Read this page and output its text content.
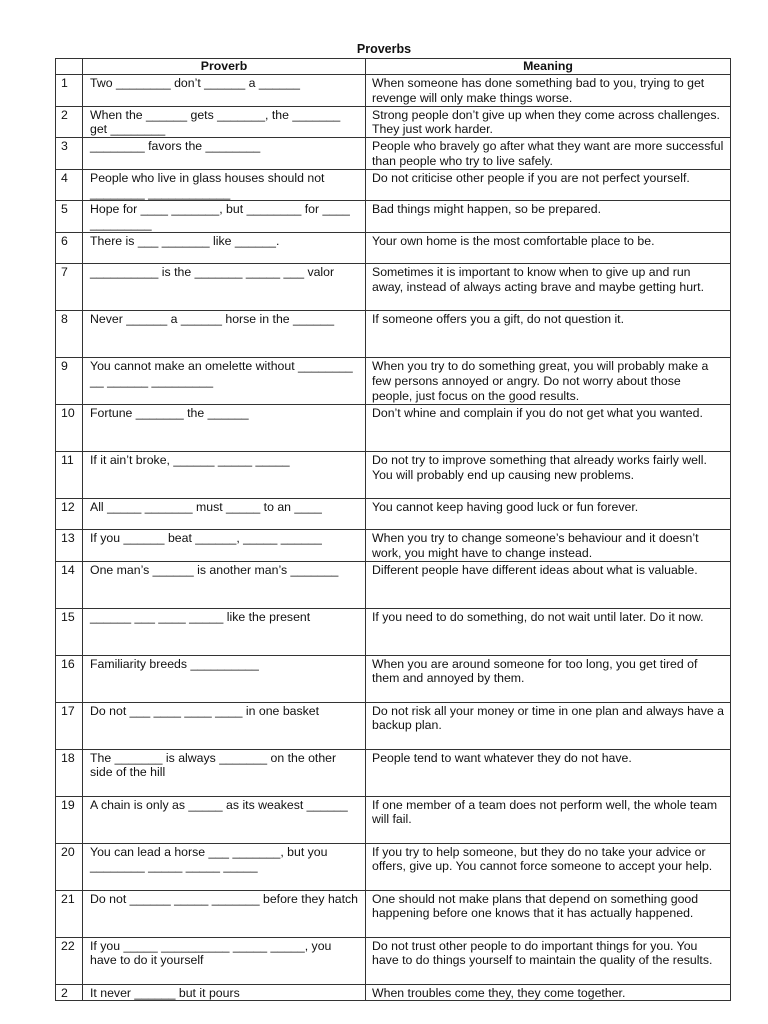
Proverbs
	Proverb	Meaning
1	Two ________ don’t ______ a ______	When someone has done something bad to you, trying to get revenge will only make things worse.
2	When the ______ gets _______, the _______ get ________	Strong people don’t give up when they come across challenges. They just work harder.
3	________ favors the ________	People who bravely go after what they want are more successful than people who try to live safely.
4	People who live in glass houses should not ________ ____________	Do not criticise other people if you are not perfect yourself.
5	Hope for ____ _______, but ________ for ____ _________	Bad things might happen, so be prepared.
6	There is ___ _______ like ______.	Your own home is the most comfortable place to be.
7	__________ is the _______ _____ ___ valor	Sometimes it is important to know when to give up and run away, instead of always acting brave and maybe getting hurt.
8	Never ______ a ______ horse in the ______	If someone offers you a gift, do not question it.
9	You cannot make an omelette without ________ __ ______ _________	When you try to do something great, you will probably make a few persons annoyed or angry. Do not worry about those people, just focus on the good results.
10	Fortune _______ the ______	Don’t whine and complain if you do not get what you wanted.
11	If it ain’t broke, ______ _____ _____	Do not try to improve something that already works fairly well. You will probably end up causing new problems.
12	All _____ _______ must _____ to an ____	You cannot keep having good luck or fun forever.
13	If you ______ beat ______, _____ ______	When you try to change someone’s behaviour and it doesn’t work, you might have to change instead.
14	One man’s ______ is another man’s _______	Different people have different ideas about what is valuable.
15	______ ___ ____ _____ like the present	If you need to do something, do not wait until later. Do it now.
16	Familiarity breeds __________	When you are around someone for too long, you get tired of them and annoyed by them.
17	Do not ___ ____ ____ ____ in one basket	Do not risk all your money or time in one plan and always have a backup plan.
18	The _______ is always _______ on the other side of the hill	People tend to want whatever they do not have.
19	A chain is only as _____ as its weakest ______	If one member of a team does not perform well, the whole team will fail.
20	You can lead a horse ___ _______, but you ________ _____ _____ _____	If you try to help someone, but they do no take your advice or offers, give up. You cannot force someone to accept your help.
21	Do not ______ _____ _______ before they hatch	One should not make plans that depend on something good happening before one knows that it has actually happened.
22	If you _____ __________ _____ _____, you have to do it yourself	Do not trust other people to do important things for you. You have to do things yourself to maintain the quality of the results.
2	It never ______ but it pours	When troubles come they, they come together.
